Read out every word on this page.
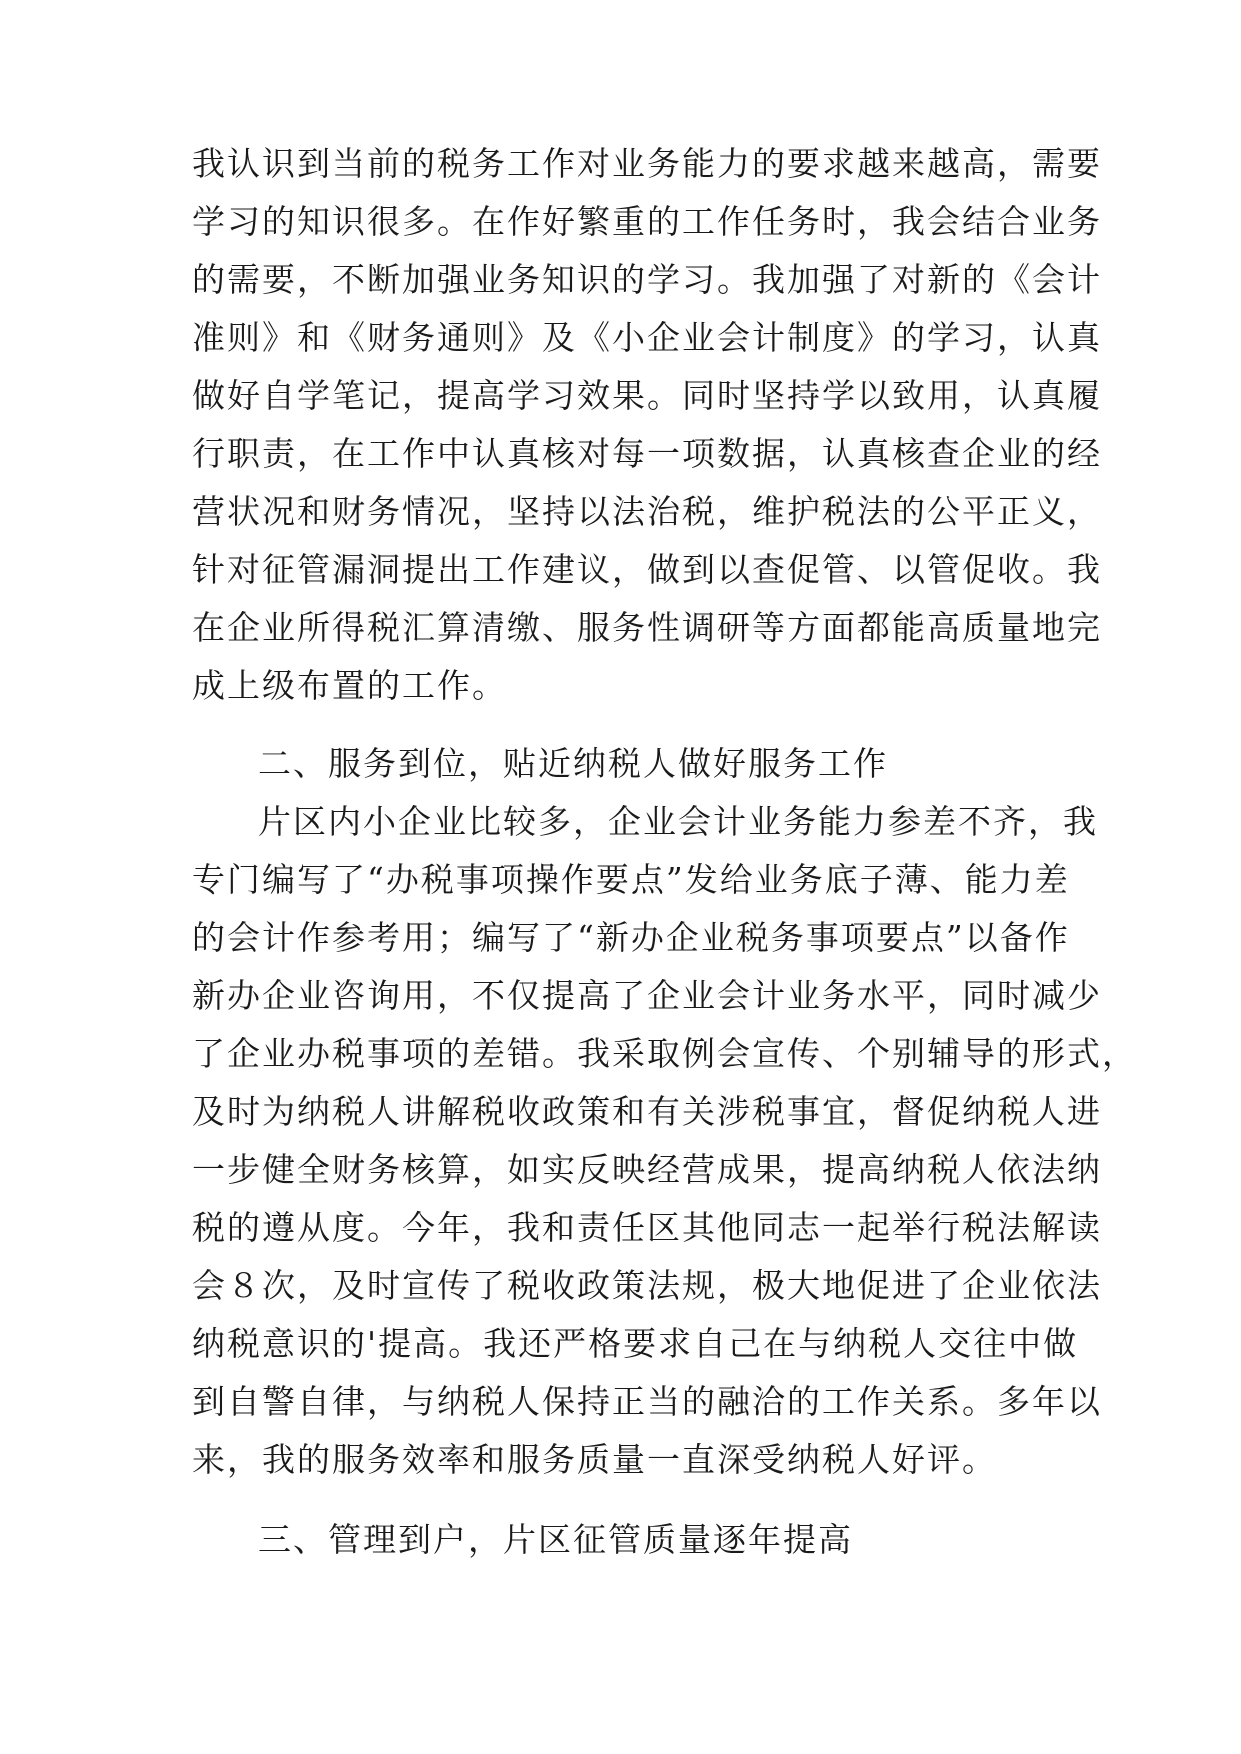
我认识到当前的税务工作对业务能力的要求越来越高，需要
学习的知识很多。在作好繁重的工作任务时，我会结合业务
的需要，不断加强业务知识的学习。我加强了对新的《会计
准则》和《财务通则》及《小企业会计制度》的学习，认真
做好自学笔记，提高学习效果。同时坚持学以致用，认真履
行职责，在工作中认真核对每一项数据，认真核查企业的经
营状况和财务情况，坚持以法治税，维护税法的公平正义，
针对征管漏洞提出工作建议，做到以查促管、以管促收。我
在企业所得税汇算清缴、服务性调研等方面都能高质量地完
成上级布置的工作。
二、服务到位，贴近纳税人做好服务工作
片区内小企业比较多，企业会计业务能力参差不齐，我
专门编写了“办税事项操作要点”发给业务底子薄、能力差
的会计作参考用；编写了“新办企业税务事项要点”以备作
新办企业咨询用，不仅提高了企业会计业务水平，同时减少
了企业办税事项的差错。我采取例会宣传、个别辅导的形式，
及时为纳税人讲解税收政策和有关涉税事宜，督促纳税人进
一步健全财务核算，如实反映经营成果，提高纳税人依法纳
税的遵从度。今年，我和责任区其他同志一起举行税法解读
会８次，及时宣传了税收政策法规，极大地促进了企业依法
纳税意识的'提高。我还严格要求自己在与纳税人交往中做
到自警自律，与纳税人保持正当的融洽的工作关系。多年以
来，我的服务效率和服务质量一直深受纳税人好评。
三、管理到户，片区征管质量逐年提高
